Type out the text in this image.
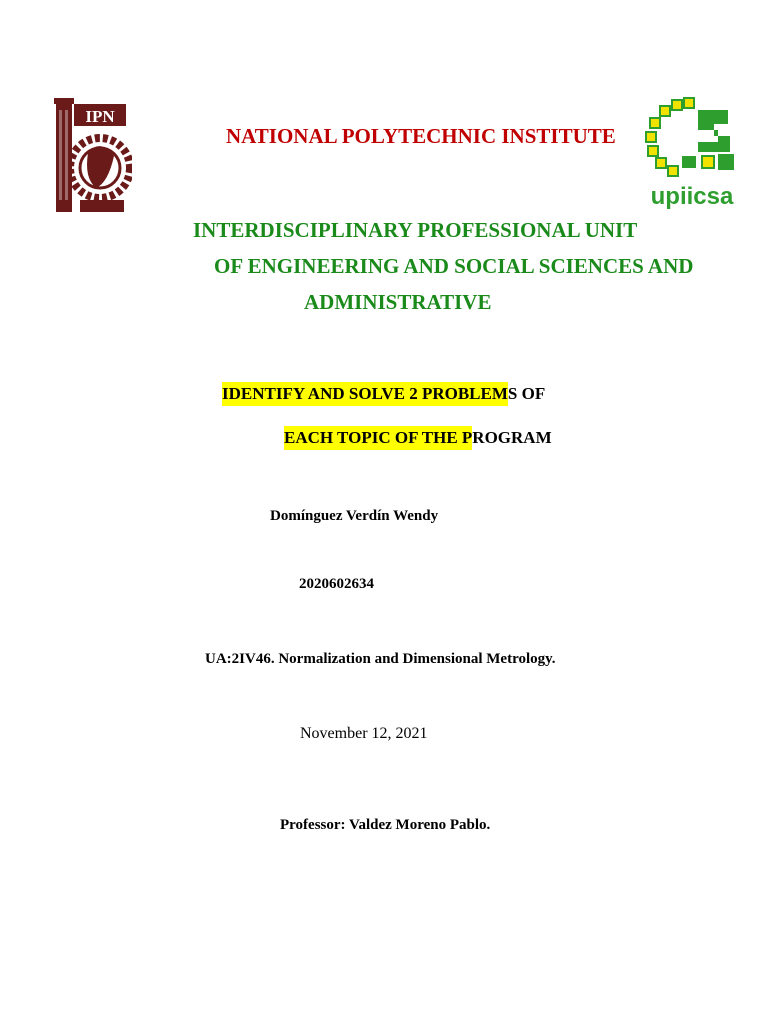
IPN
upiicsa
NATIONAL POLYTECHNIC INSTITUTE
INTERDISCIPLINARY PROFESSIONAL UNIT
OF ENGINEERING AND SOCIAL SCIENCES AND
ADMINISTRATIVE
IDENTIFY AND SOLVE 2 PROBLEMS OF
EACH TOPIC OF THE PROGRAM
Domínguez Verdín Wendy
2020602634
UA:2IV46. Normalization and Dimensional Metrology.
November 12, 2021
Professor: Valdez Moreno Pablo.
